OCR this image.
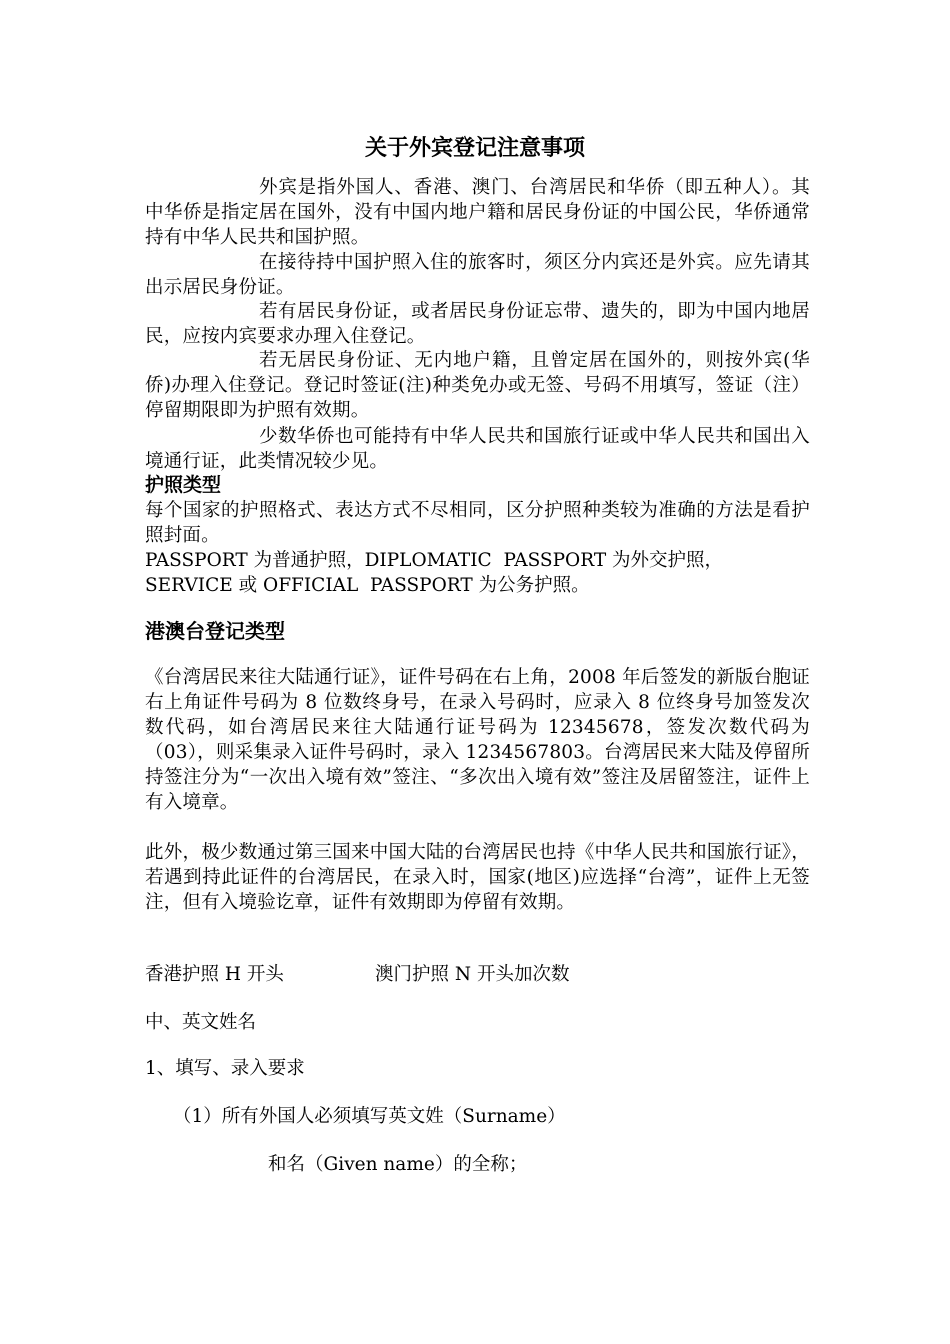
关于外宾登记注意事项

外宾是指外国人、香港、澳门、台湾居民和华侨（即五种人）。其中华侨是指定居在国外，没有中国内地户籍和居民身份证的中国公民，华侨通常持有中华人民共和国护照。

在接待持中国护照入住的旅客时，须区分内宾还是外宾。应先请其出示居民身份证。

若有居民身份证，或者居民身份证忘带、遗失的，即为中国内地居民，应按内宾要求办理入住登记。

若无居民身份证、无内地户籍，且曾定居在国外的，则按外宾(华侨)办理入住登记。登记时签证(注)种类免办或无签、号码不用填写，签证（注）停留期限即为护照有效期。

少数华侨也可能持有中华人民共和国旅行证或中华人民共和国出入境通行证，此类情况较少见。

护照类型

每个国家的护照格式、表达方式不尽相同，区分护照种类较为准确的方法是看护照封面。

PASSPORT 为普通护照，DIPLOMATIC  PASSPORT 为外交护照，

SERVICE 或 OFFICIAL  PASSPORT 为公务护照。

港澳台登记类型

《台湾居民来往大陆通行证》，证件号码在右上角，2008 年后签发的新版台胞证右上角证件号码为 8 位数终身号，在录入号码时，应录入 8 位终身号加签发次数代码，如台湾居民来往大陆通行证号码为 12345678，签发次数代码为（03），则采集录入证件号码时，录入 1234567803。台湾居民来大陆及停留所持签注分为“一次出入境有效”签注、“多次出入境有效”签注及居留签注，证件上有入境章。

此外，极少数通过第三国来中国大陆的台湾居民也持《中华人民共和国旅行证》，若遇到持此证件的台湾居民，在录入时，国家(地区)应选择“台湾”，证件上无签注，但有入境验讫章，证件有效期即为停留有效期。

香港护照 H 开头	澳门护照 N 开头加次数

中、英文姓名

1、填写、录入要求

（1）所有外国人必须填写英文姓（Surname）

和名（Given name）的全称；
